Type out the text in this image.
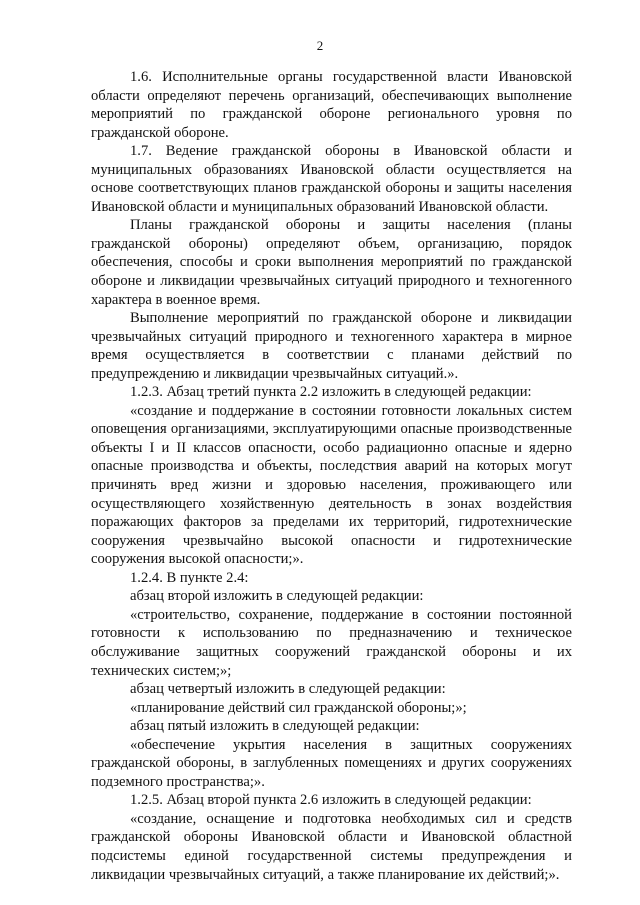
2

1.6. Исполнительные органы государственной власти Ивановской области определяют перечень организаций, обеспечивающих выполнение мероприятий по гражданской обороне регионального уровня по гражданской обороне.

1.7. Ведение гражданской обороны в Ивановской области и муниципальных образованиях Ивановской области осуществляется на основе соответствующих планов гражданской обороны и защиты населения Ивановской области и муниципальных образований Ивановской области.

Планы гражданской обороны и защиты населения (планы гражданской обороны) определяют объем, организацию, порядок обеспечения, способы и сроки выполнения мероприятий по гражданской обороне и ликвидации чрезвычайных ситуаций природного и техногенного характера в военное время.

Выполнение мероприятий по гражданской обороне и ликвидации чрезвычайных ситуаций природного и техногенного характера в мирное время осуществляется в соответствии с планами действий по предупреждению и ликвидации чрезвычайных ситуаций.».

1.2.3. Абзац третий пункта 2.2 изложить в следующей редакции:

«создание и поддержание в состоянии готовности локальных систем оповещения организациями, эксплуатирующими опасные производственные объекты I и II классов опасности, особо радиационно опасные и ядерно опасные производства и объекты, последствия аварий на которых могут причинять вред жизни и здоровью населения, проживающего или осуществляющего хозяйственную деятельность в зонах воздействия поражающих факторов за пределами их территорий, гидротехнические сооружения чрезвычайно высокой опасности и гидротехнические сооружения высокой опасности;».

1.2.4. В пункте 2.4:

абзац второй изложить в следующей редакции:

«строительство, сохранение, поддержание в состоянии постоянной готовности к использованию по предназначению и техническое обслуживание защитных сооружений гражданской обороны и их технических систем;»;

абзац четвертый изложить в следующей редакции:

«планирование действий сил гражданской обороны;»;

абзац пятый изложить в следующей редакции:

«обеспечение укрытия населения в защитных сооружениях гражданской обороны, в заглубленных помещениях и других сооружениях подземного пространства;».

1.2.5. Абзац второй пункта 2.6 изложить в следующей редакции:

«создание, оснащение и подготовка необходимых сил и средств гражданской обороны Ивановской области и Ивановской областной подсистемы единой государственной системы предупреждения и ликвидации чрезвычайных ситуаций, а также планирование их действий;».
